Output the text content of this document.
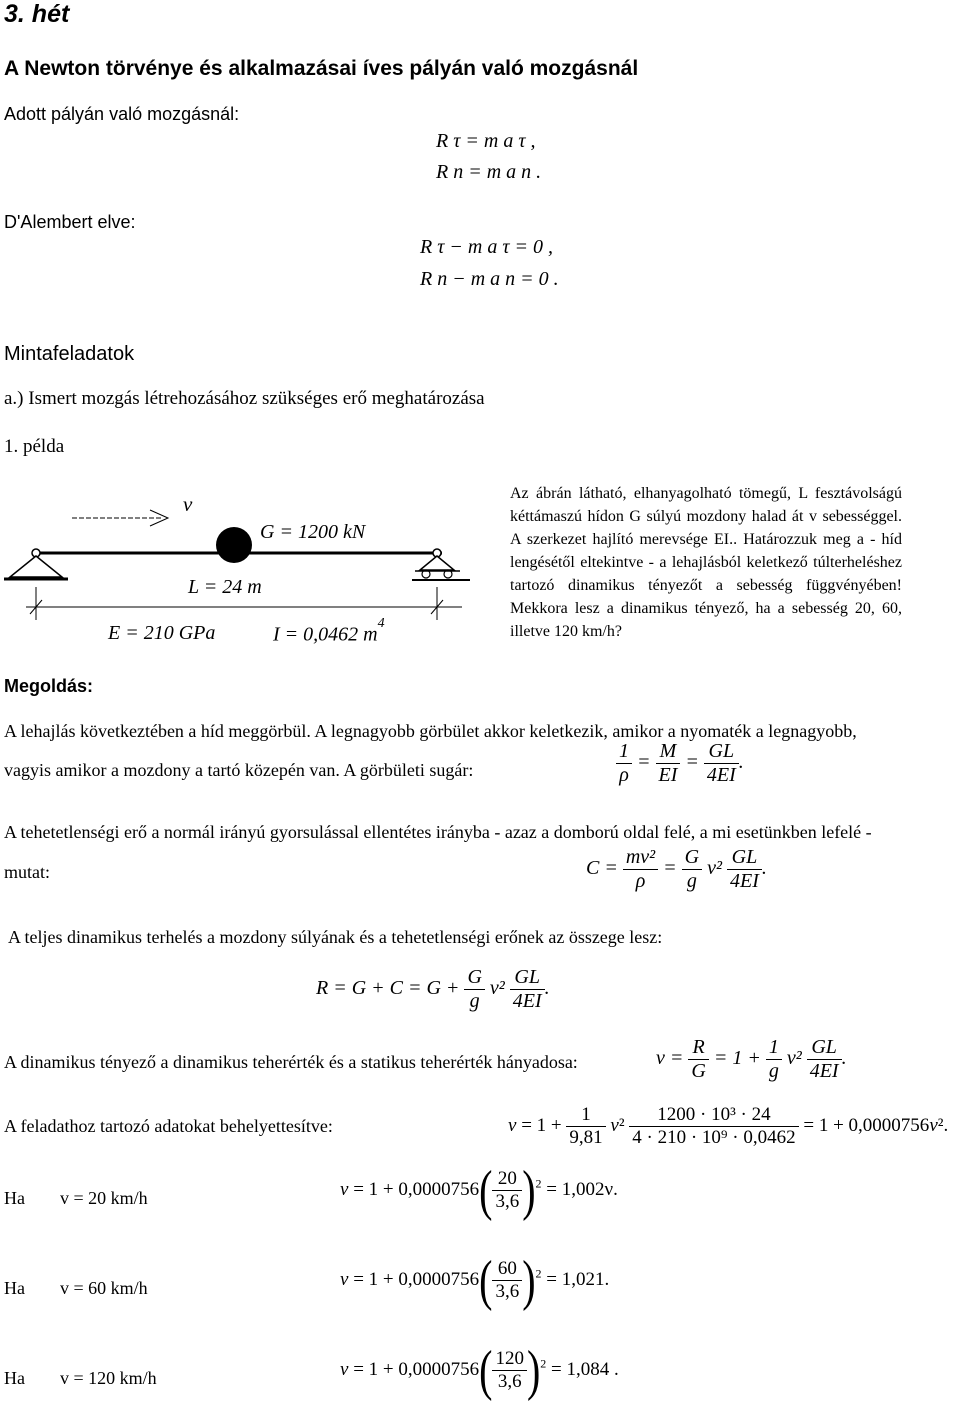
3. hét
A Newton törvénye és alkalmazásai íves pályán való mozgásnál
Adott pályán való mozgásnál:
R τ = m a τ ,
R n = m a n .
D'Alembert elve:
R τ − m a τ = 0 ,
R n − m a n = 0 .
Mintafeladatok
a.) Ismert mozgás létrehozásához szükséges erő meghatározása
1. példa
v
G = 1200 kN
L = 24 m
E = 210 GPa	I = 0,0462 $m^4$
Az ábrán látható, elhanyagolható tömegű, L fesztávolságú kéttámaszú hídon G súlyú mozdony halad át v sebességgel. A szerkezet hajlító merevsége EI.. Határozzuk meg a - híd lengésétől eltekintve - a lehajlásból keletkező túlterheléshez tartozó dinamikus tényezőt a sebesség függvényében! Mekkora lesz a dinamikus tényező, ha a sebesség 20, 60, illetve 120 km/h?
Megoldás:
A lehajlás következtében a híd meggörbül. A legnagyobb görbület akkor keletkezik, amikor a nyomaték a legnagyobb,
vagyis amikor a mozdony a tartó közepén van. A görbületi sugár:	$\frac{1}{\rho} = \frac{M}{EI} = \frac{GL}{4EI}$ .
A tehetetlenségi erő a normál irányú gyorsulással ellentétes irányba - azaz a domború oldal felé, a mi esetünkben lefelé -
mutat:	$C = \frac{\text{mv²}}{\rho} = \frac{G}{g} v^2 \frac{GL}{4EI}$ .
A teljes dinamikus terhelés a mozdony súlyának és a tehetetlenségi erőnek az összege lesz:
$R = G + C = G + \frac{G}{g} v^2 \frac{GL}{4EI}$ .
A dinamikus tényező a dinamikus teherérték és a statikus teherérték hányadosa:	$\nu = \frac{R}{G} = 1 + \frac{1}{g} v^2 \frac{GL}{4EI}$ .
A feladathoz tartozó adatokat behelyettesítve:	$\nu = 1 + \frac{1}{9,81} v^2 \frac{\text{1200 · 10³ · 24}}{\text{4 · 210 · 10⁹ · 0,0462}} = 1 + 0,0000756v^2$.
Ha v = 20 km/h	$\nu = 1 + 0,0000756( \frac{20}{3,6} )^2 = 1,002\nu$.
Ha v = 60 km/h	$\nu = 1 + 0,0000756( \frac{60}{3,6} )^2 = 1,021$.
Ha v = 120 km/h	$\nu = 1 + 0,0000756( \frac{120}{3,6} )^2 = 1,084$ .
